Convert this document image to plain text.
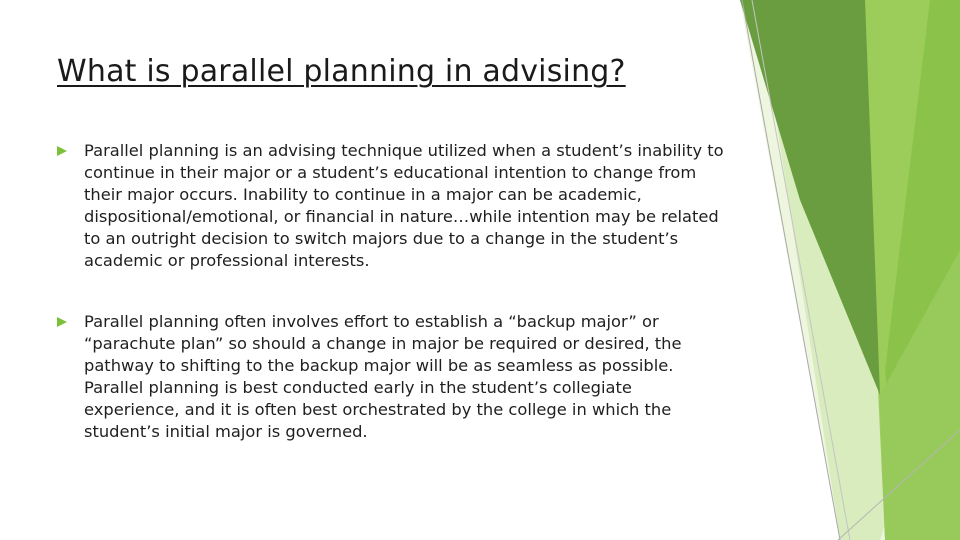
What is parallel planning in advising?
Parallel planning is an advising technique utilized when a student’s inability to continue in their major or a student’s educational intention to change from their major occurs. Inability to continue in a major can be academic, dispositional/emotional, or financial in nature…while intention may be related to an outright decision to switch majors due to a change in the student’s academic or professional interests.
Parallel planning often involves effort to establish a “backup major” or “parachute plan” so should a change in major be required or desired, the pathway to shifting to the backup major will be as seamless as possible. Parallel planning is best conducted early in the student’s collegiate experience, and it is often best orchestrated by the college in which the student’s initial major is governed.
